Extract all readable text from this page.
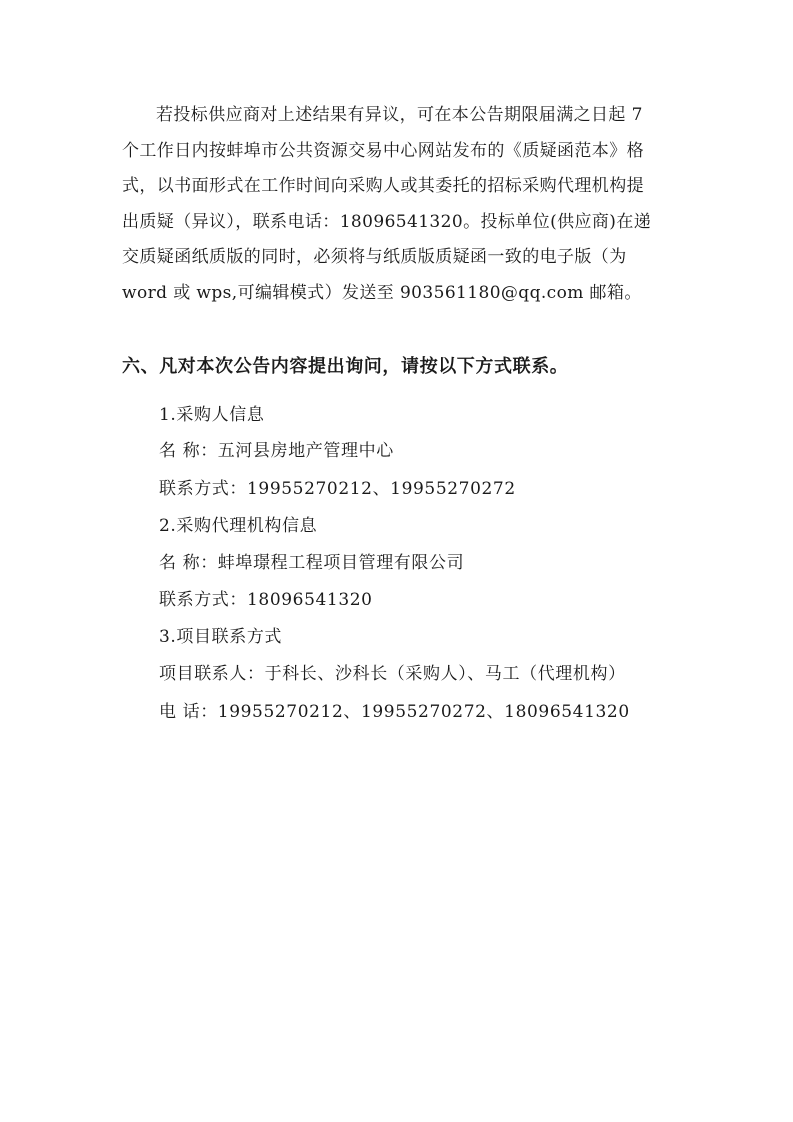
若投标供应商对上述结果有异议，可在本公告期限届满之日起 7
个工作日内按蚌埠市公共资源交易中心网站发布的《质疑函范本》格
式，以书面形式在工作时间向采购人或其委托的招标采购代理机构提
出质疑（异议），联系电话：18096541320。投标单位(供应商)在递
交质疑函纸质版的同时，必须将与纸质版质疑函一致的电子版（为
word 或 wps,可编辑模式）发送至 903561180@qq.com 邮箱。
六、凡对本次公告内容提出询问，请按以下方式联系。
1.采购人信息
名 称：五河县房地产管理中心
联系方式：19955270212、19955270272
2.采购代理机构信息
名 称：蚌埠璟程工程项目管理有限公司
联系方式：18096541320
3.项目联系方式
项目联系人：于科长、沙科长（采购人）、马工（代理机构）
电 话：19955270212、19955270272、18096541320
